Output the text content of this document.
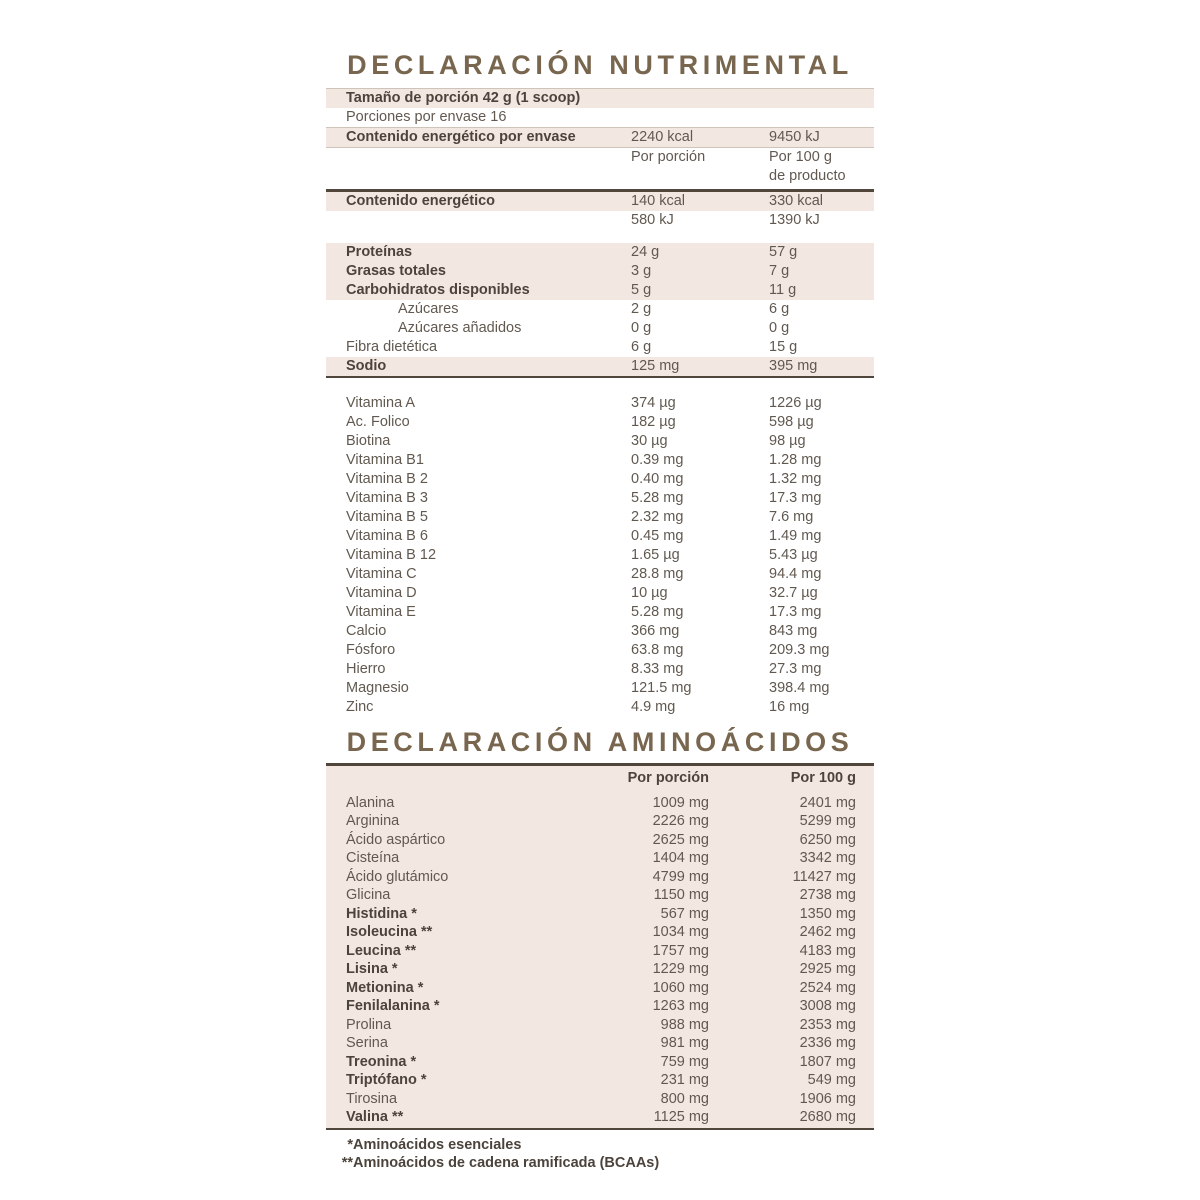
DECLARACIÓN NUTRIMENTAL
Tamaño de porción 42 g (1 scoop)
Porciones por envase 16
Contenido energético por envase	2240 kcal	9450 kJ
Por porción	Por 100 g
de producto
Contenido energético	140 kcal	330 kcal
580 kJ	1390 kJ
Proteínas	24 g	57 g
Grasas totales	3 g	7 g
Carbohidratos disponibles	5 g	11 g
Azúcares	2 g	6 g
Azúcares añadidos	0 g	0 g
Fibra dietética	6 g	15 g
Sodio	125 mg	395 mg
Vitamina A	374 µg	1226 µg
Ac. Folico	182 µg	598 µg
Biotina	30 µg	98 µg
Vitamina B1	0.39 mg	1.28 mg
Vitamina B 2	0.40 mg	1.32 mg
Vitamina B 3	5.28 mg	17.3 mg
Vitamina B 5	2.32 mg	7.6 mg
Vitamina B 6	0.45 mg	1.49 mg
Vitamina B 12	1.65 µg	5.43 µg
Vitamina C	28.8 mg	94.4 mg
Vitamina D	10 µg	32.7 µg
Vitamina E	5.28 mg	17.3 mg
Calcio	366 mg	843 mg
Fósforo	63.8 mg	209.3 mg
Hierro	8.33 mg	27.3 mg
Magnesio	121.5 mg	398.4 mg
Zinc	4.9 mg	16 mg
DECLARACIÓN AMINOÁCIDOS
Por porción	Por 100 g
Alanina	1009 mg	2401 mg
Arginina	2226 mg	5299 mg
Ácido aspártico	2625 mg	6250 mg
Cisteína	1404 mg	3342 mg
Ácido glutámico	4799 mg	11427 mg
Glicina	1150 mg	2738 mg
Histidina *	567 mg	1350 mg
Isoleucina **	1034 mg	2462 mg
Leucina **	1757 mg	4183 mg
Lisina *	1229 mg	2925 mg
Metionina *	1060 mg	2524 mg
Fenilalanina *	1263 mg	3008 mg
Prolina	988 mg	2353 mg
Serina	981 mg	2336 mg
Treonina *	759 mg	1807 mg
Triptófano *	231 mg	549 mg
Tirosina	800 mg	1906 mg
Valina **	1125 mg	2680 mg
* Aminoácidos esenciales
** Aminoácidos de cadena ramificada (BCAAs)
